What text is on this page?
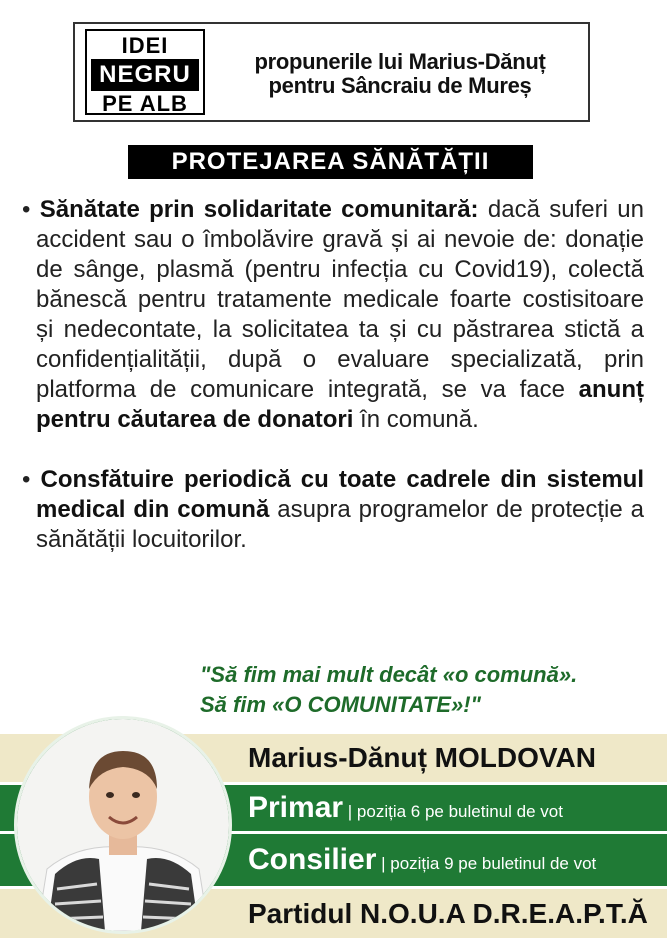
IDEI
NEGRU
PE ALB
propunerile lui Marius-Dănuț
pentru Sâncraiu de Mureș
PROTEJAREA SĂNĂTĂȚII
• Sănătate prin solidaritate comunitară: dacă suferi un accident sau o îmbolăvire gravă și ai nevoie de: donație de sânge, plasmă (pentru infecția cu Covid19), colectă bănescă pentru tratamente medicale foarte costisitoare și nedecontate, la solicitatea ta și cu păstrarea stictă a confidențialității, după o evaluare specializată, prin platforma de comunicare integrată, se va face anunț pentru căutarea de donatori în comună.
• Consfătuire periodică cu toate cadrele din sistemul medical din comună asupra programelor de protecție a sănătății locuitorilor.
"Să fim mai mult decât «o comună».
Să fim «O COMUNITATE»!"
Marius-Dănuț MOLDOVAN
Primar | poziția 6 pe buletinul de vot
Consilier | poziția 9 pe buletinul de vot
Partidul N.O.U.A D.R.E.A.P.T.Ă
